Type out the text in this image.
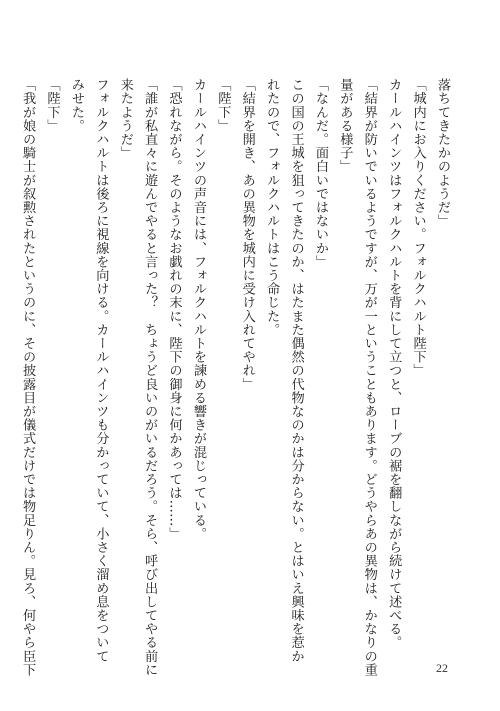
落ちてきたかのようだ」
「城内にお入りください。フォルクハルト陛下」
カールハインツはフォルクハルトを背にして立つと、ローブの裾を翻しながら続けて述べる。
「結界が防いでいるようですが、万が一ということもあります。どうやらあの異物は、かなりの重
量がある様子」
「なんだ。面白いではないか」
この国の王城を狙ってきたのか、はたまた偶然の代物なのかは分からない。とはいえ興味を惹か
れたので、フォルクハルトはこう命じた。
「結界を開き、あの異物を城内に受け入れてやれ」
「陛下」
カールハインツの声音には、フォルクハルトを諫める響きが混じっている。
「恐れながら。そのようなお戯れの末に、陛下の御身に何かあっては……」
「誰が私直々に遊んでやると言った？　ちょうど良いのがいるだろう。そら、呼び出してやる前に
来たようだ」
フォルクハルトは後ろに視線を向ける。カールハインツも分かっていて、小さく溜め息をついて
みせた。
「陛下」
「我が娘の騎士が叙勲されたというのに、その披露目が儀式だけでは物足りん。見ろ、何やら臣下	22
